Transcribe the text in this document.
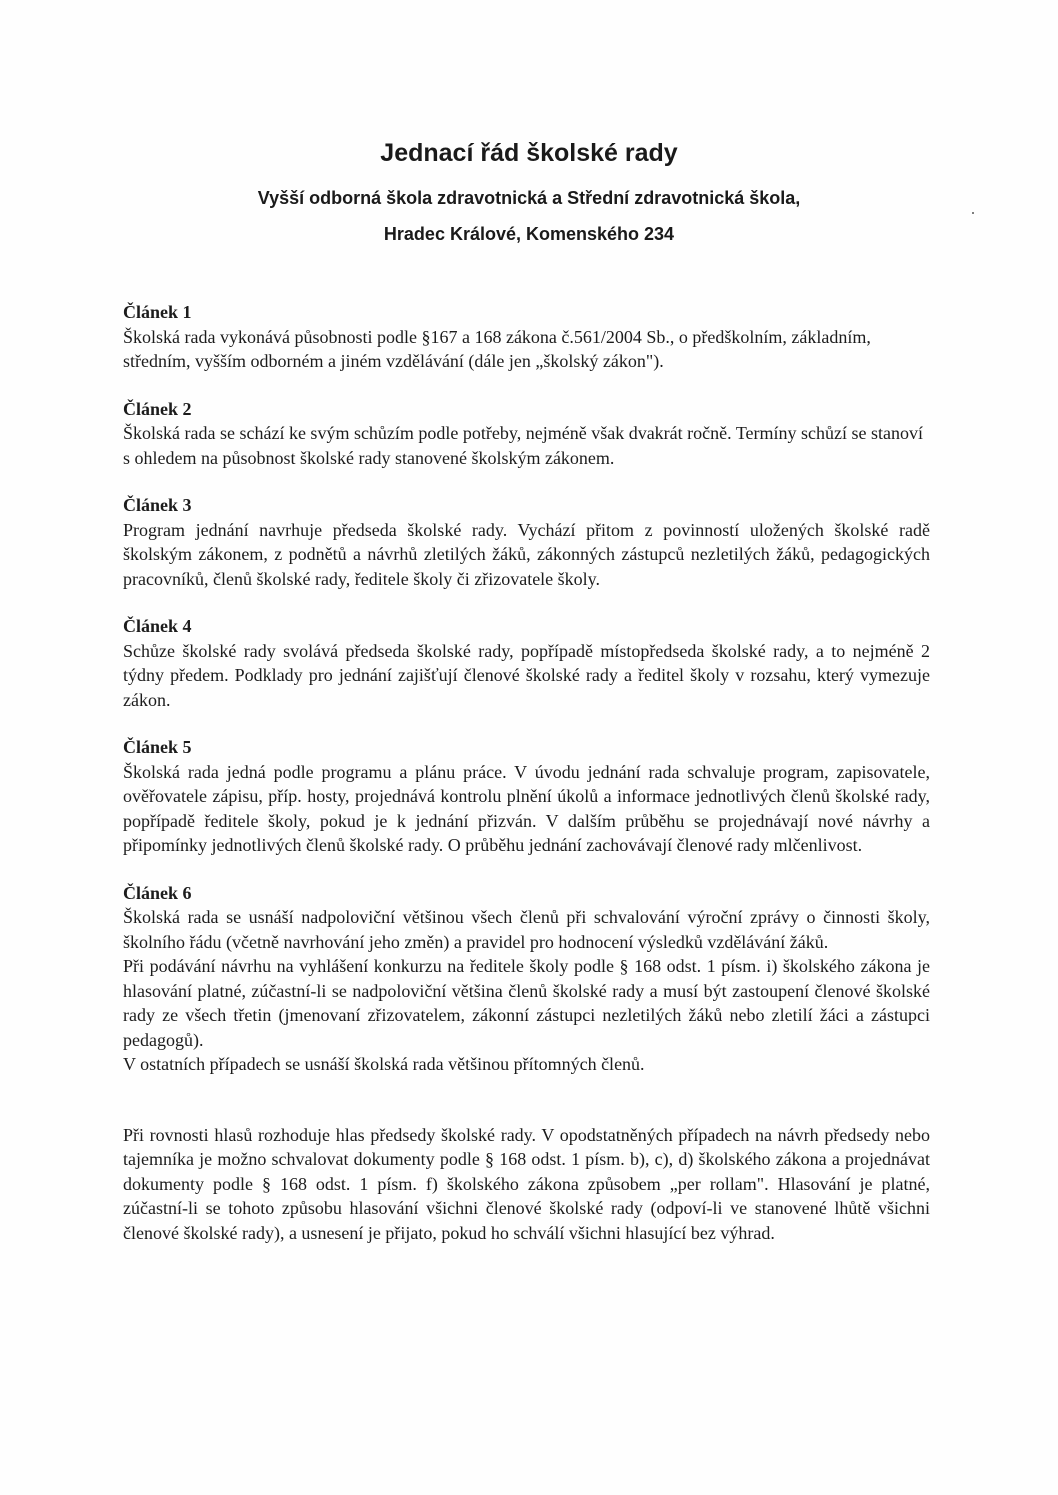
Jednací řád školské rady
Vyšší odborná škola zdravotnická a Střední zdravotnická škola,
Hradec Králové, Komenského 234

Článek 1

Školská rada vykonává působnosti podle §167 a 168 zákona č.561/2004 Sb., o předškolním, základním, středním, vyšším odborném a jiném vzdělávání (dále jen „školský zákon").

Článek 2

Školská rada se schází ke svým schůzím podle potřeby, nejméně však dvakrát ročně. Termíny schůzí se stanoví s ohledem na působnost školské rady stanovené školským zákonem.

Článek 3

Program jednání navrhuje předseda školské rady. Vychází přitom z povinností uložených školské radě školským zákonem, z podnětů a návrhů zletilých žáků, zákonných zástupců nezletilých žáků, pedagogických pracovníků, členů školské rady, ředitele školy či zřizovatele školy.

Článek 4

Schůze školské rady svolává předseda školské rady, popřípadě místopředseda školské rady, a to nejméně 2 týdny předem. Podklady pro jednání zajišťují členové školské rady a ředitel školy v rozsahu, který vymezuje zákon.

Článek 5

Školská rada jedná podle programu a plánu práce. V úvodu jednání rada schvaluje program, zapisovatele, ověřovatele zápisu, příp. hosty, projednává kontrolu plnění úkolů a informace jednotlivých členů školské rady, popřípadě ředitele školy, pokud je k jednání přizván. V dalším průběhu se projednávají nové návrhy a připomínky jednotlivých členů školské rady. O průběhu jednání zachovávají členové rady mlčenlivost.

Článek 6

Školská rada se usnáší nadpoloviční většinou všech členů při schvalování výroční zprávy o činnosti školy, školního řádu (včetně navrhování jeho změn) a pravidel pro hodnocení výsledků vzdělávání žáků.

Při podávání návrhu na vyhlášení konkurzu na ředitele školy podle § 168 odst. 1 písm. i) školského zákona je hlasování platné, zúčastní-li se nadpoloviční většina členů školské rady a musí být zastoupení členové školské rady ze všech třetin (jmenovaní zřizovatelem, zákonní zástupci nezletilých žáků nebo zletilí žáci a zástupci pedagogů).

V ostatních případech se usnáší školská rada většinou přítomných členů.

Při rovnosti hlasů rozhoduje hlas předsedy školské rady. V opodstatněných případech na návrh předsedy nebo tajemníka je možno schvalovat dokumenty podle § 168 odst. 1 písm. b), c), d) školského zákona a projednávat dokumenty podle § 168 odst. 1 písm. f) školského zákona způsobem „per rollam". Hlasování je platné, zúčastní-li se tohoto způsobu hlasování všichni členové školské rady (odpoví-li ve stanovené lhůtě všichni členové školské rady), a usnesení je přijato, pokud ho schválí všichni hlasující bez výhrad.
